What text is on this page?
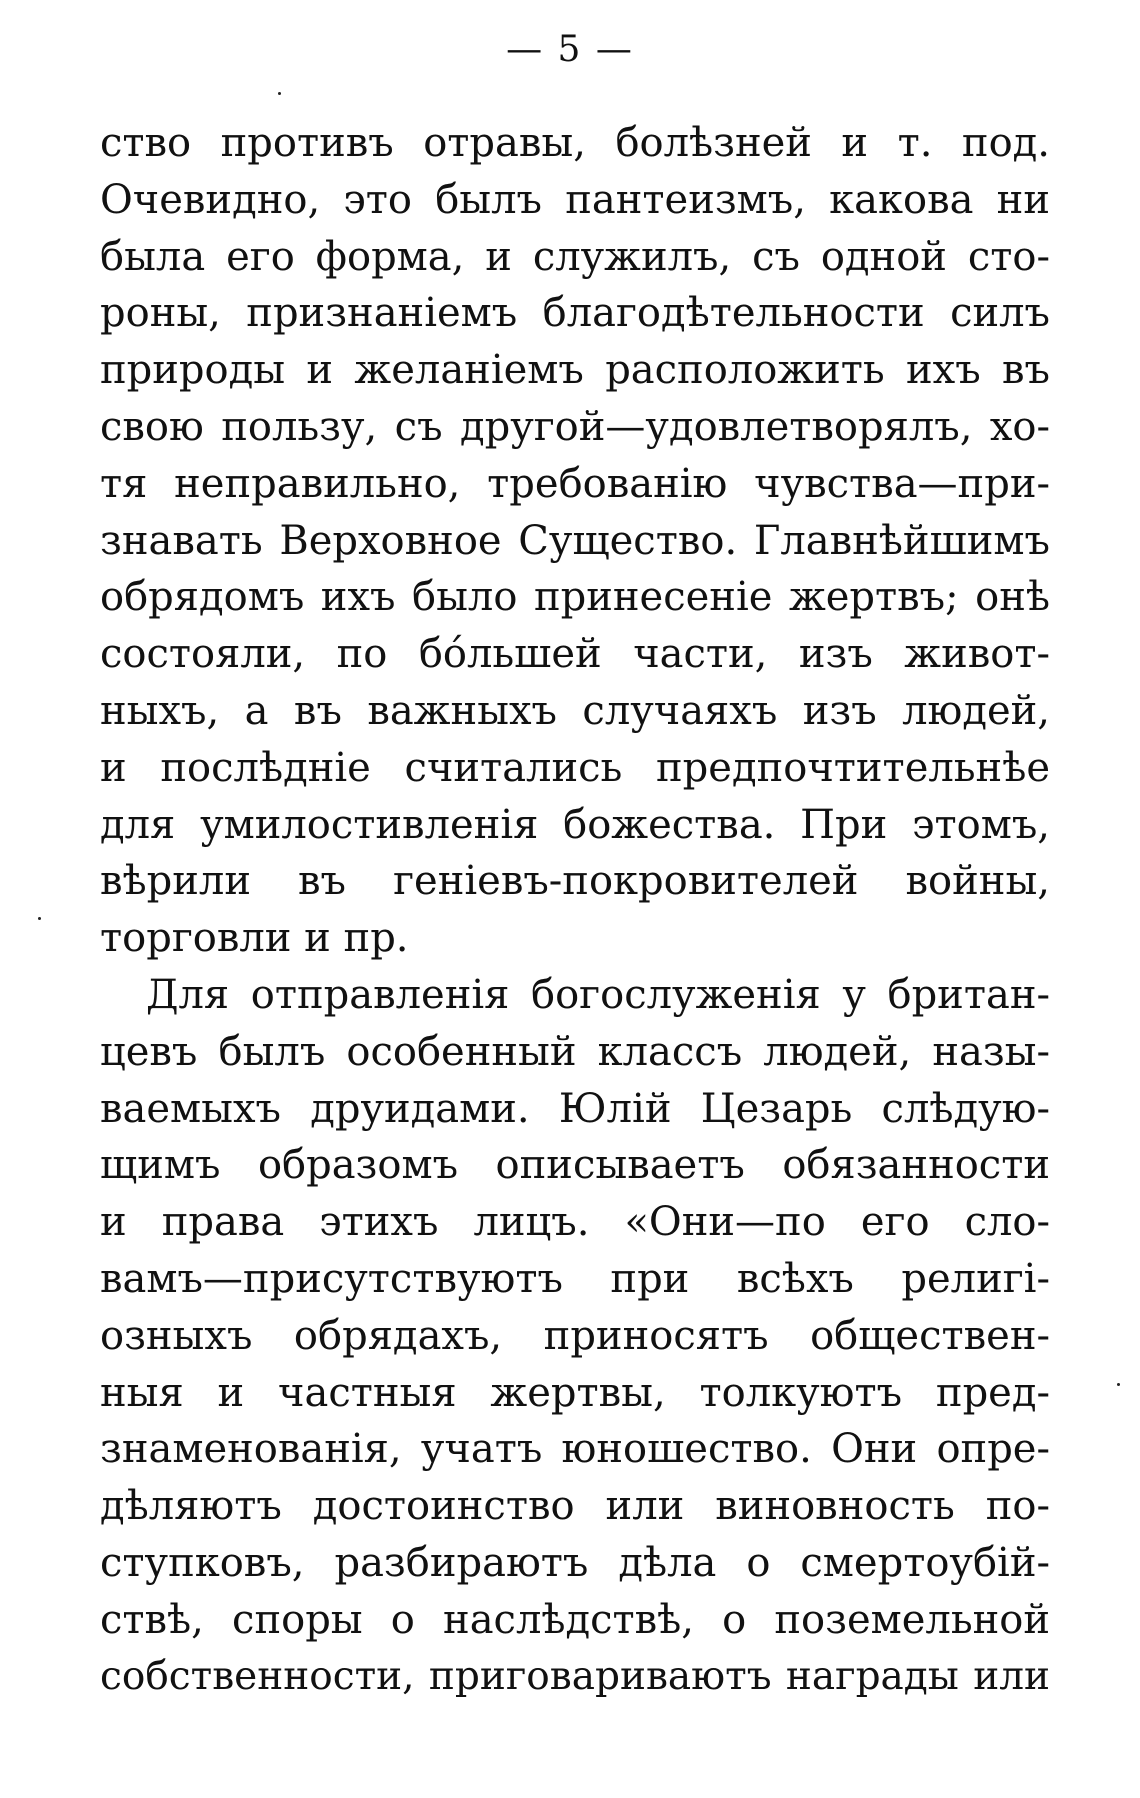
— 5 —
ство противъ отравы, болѣзней и т. под.
Очевидно, это былъ пантеизмъ, какова ни
была его форма, и служилъ, съ одной сто-
роны, признаніемъ благодѣтельности силъ
природы и желаніемъ расположить ихъ въ
свою пользу, съ другой—удовлетворялъ, хо-
тя неправильно, требованію чувства—при-
знавать Верховное Существо. Главнѣйшимъ
обрядомъ ихъ было принесеніе жертвъ; онѣ
состояли, по бóльшей части, изъ живот-
ныхъ, а въ важныхъ случаяхъ изъ людей,
и послѣдніе считались предпочтительнѣе
для умилостивленія божества. При этомъ,
вѣрили въ геніевъ-покровителей войны,
торговли и пр.
Для отправленія богослуженія у британ-
цевъ былъ особенный классъ людей, назы-
ваемыхъ друидами. Юлій Цезарь слѣдую-
щимъ образомъ описываетъ обязанности
и права этихъ лицъ. «Они—по его сло-
вамъ—присутствуютъ при всѣхъ религі-
озныхъ обрядахъ, приносятъ обществен-
ныя и частныя жертвы, толкуютъ пред-
знаменованія, учатъ юношество. Они опре-
дѣляютъ достоинство или виновность по-
ступковъ, разбираютъ дѣла о смертоубій-
ствѣ, споры о наслѣдствѣ, о поземельной
собственности, приговариваютъ награды или
